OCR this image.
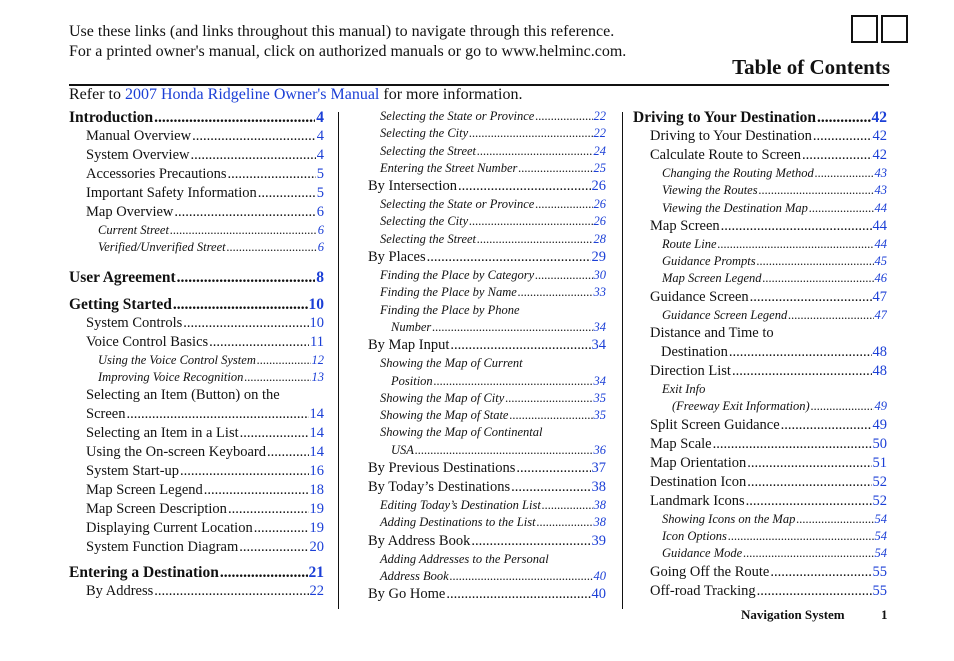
Use these links (and links throughout this manual) to navigate through this reference.
For a printed owner's manual, click on authorized manuals or go to www.helminc.com.
Table of Contents
Refer to 2007 Honda Ridgeline Owner's Manual for more information.
Introduction .....	4
Manual Overview .....	4
System Overview .....	4
Accessories Precautions .....	5
Important Safety Information .....	5
Map Overview .....	6
Current Street .....	6
Verified/Unverified Street .....	6
User Agreement .....	8
Getting Started .....	10
System Controls .....	10
Voice Control Basics .....	11
Using the Voice Control System .....	12
Improving Voice Recognition .....	13
Selecting an Item (Button) on the
Screen .....	14
Selecting an Item in a List .....	14
Using the On-screen Keyboard .....	14
System Start-up .....	16
Map Screen Legend .....	18
Map Screen Description .....	19
Displaying Current Location .....	19
System Function Diagram .....	20
Entering a Destination .....	21
By Address .....	22
Selecting the State or Province .....	22
Selecting the City .....	22
Selecting the Street .....	24
Entering the Street Number .....	25
By Intersection .....	26
Selecting the State or Province .....	26
Selecting the City .....	26
Selecting the Street .....	28
By Places .....	29
Finding the Place by Category .....	30
Finding the Place by Name .....	33
Finding the Place by Phone
Number .....	34
By Map Input .....	34
Showing the Map of Current
Position .....	34
Showing the Map of City .....	35
Showing the Map of State .....	35
Showing the Map of Continental
USA .....	36
By Previous Destinations .....	37
By Today’s Destinations .....	38
Editing Today’s Destination List .....	38
Adding Destinations to the List .....	38
By Address Book .....	39
Adding Addresses to the Personal
Address Book .....	40
By Go Home .....	40
Driving to Your Destination .....	42
Driving to Your Destination .....	42
Calculate Route to Screen .....	42
Changing the Routing Method .....	43
Viewing the Routes .....	43
Viewing the Destination Map .....	44
Map Screen .....	44
Route Line .....	44
Guidance Prompts .....	45
Map Screen Legend .....	46
Guidance Screen .....	47
Guidance Screen Legend .....	47
Distance and Time to
Destination .....	48
Direction List .....	48
Exit Info
(Freeway Exit Information) .....	49
Split Screen Guidance .....	49
Map Scale .....	50
Map Orientation .....	51
Destination Icon .....	52
Landmark Icons .....	52
Showing Icons on the Map .....	54
Icon Options .....	54
Guidance Mode .....	54
Going Off the Route .....	55
Off-road Tracking .....	55
Navigation System	1
